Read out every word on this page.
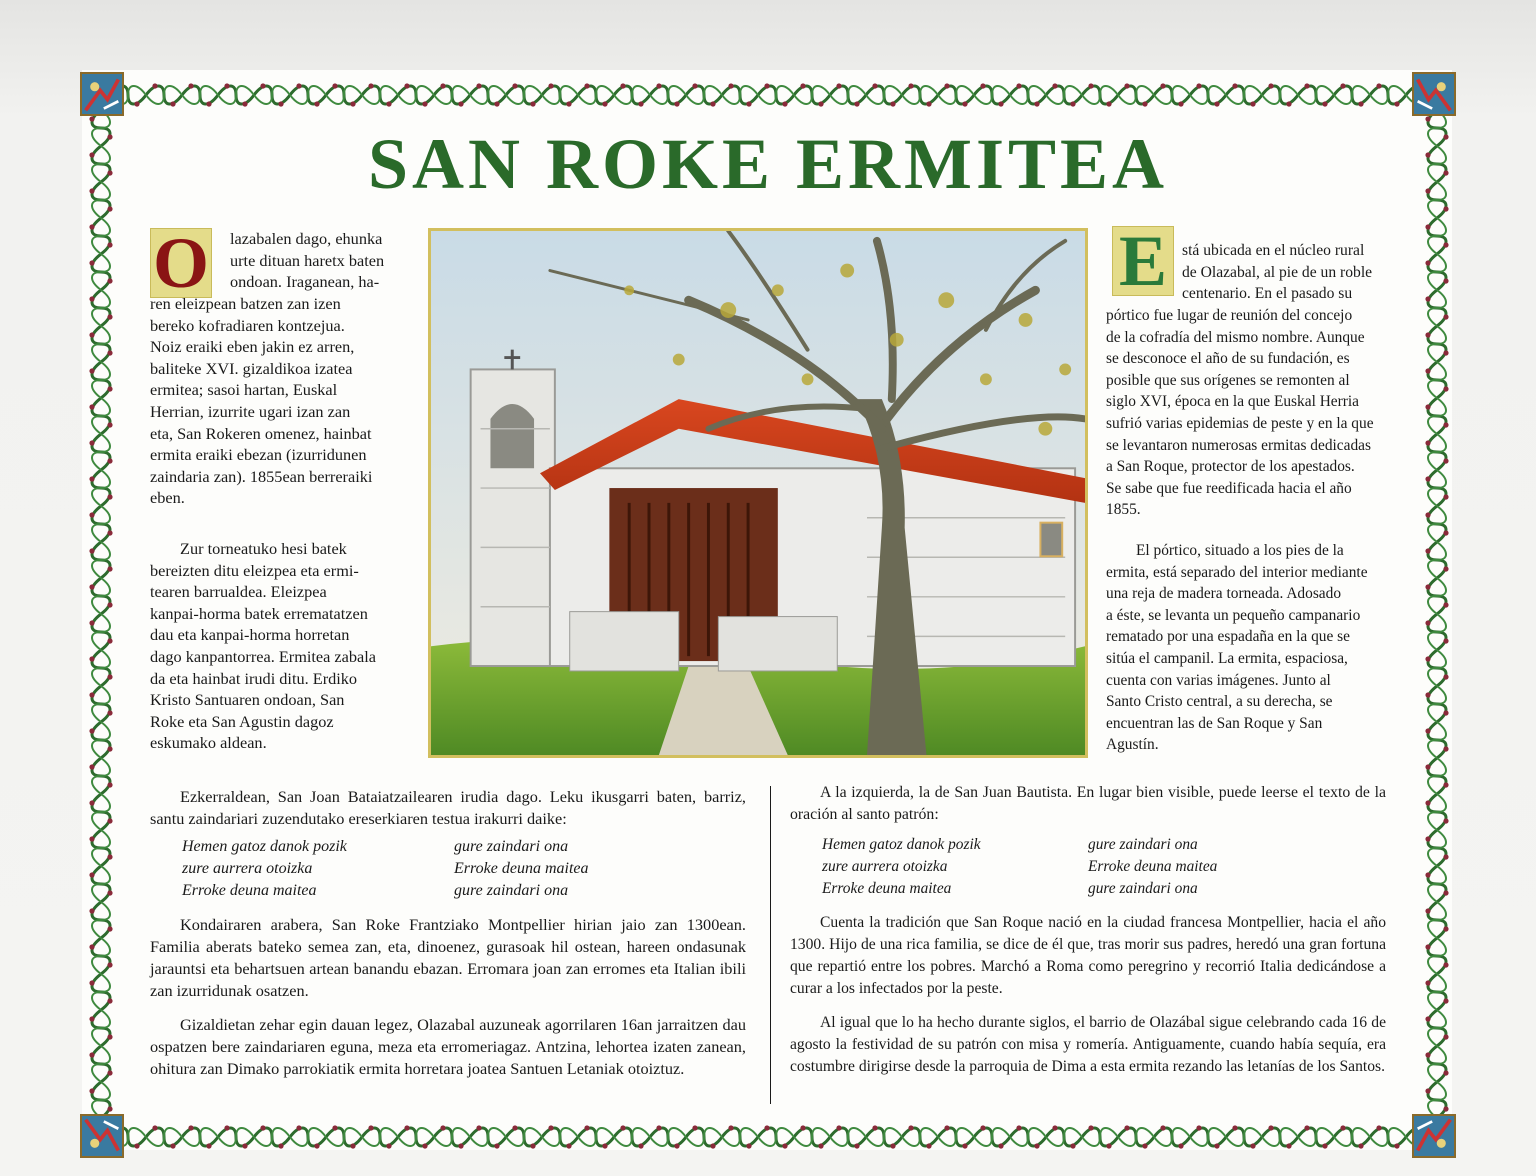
SAN ROKE ERMITEA
O lazabalen dago, ehunka
urte dituan haretx baten
ondoan. Iraganean, ha-
ren eleizpean batzen zan izen
bereko kofradiaren kontzejua.
Noiz eraiki eben jakin ez arren,
baliteke XVI. gizaldikoa izatea
ermitea; sasoi hartan, Euskal
Herrian, izurrite ugari izan zan
eta, San Rokeren omenez, hainbat
ermita eraiki ebezan (izurridunen
zaindaria zan). 1855ean berreraiki
eben.
Zur torneatuko hesi batek
bereizten ditu eleizpea eta ermi-
tearen barrualdea. Eleizpea
kanpai-horma batek errematatzen
dau eta kanpai-horma horretan
dago kanpantorrea. Ermitea zabala
da eta hainbat irudi ditu. Erdiko
Kristo Santuaren ondoan, San
Roke eta San Agustin dagoz
eskumako aldean.
E stá ubicada en el núcleo rural
de Olazabal, al pie de un roble
centenario. En el pasado su
pórtico fue lugar de reunión del concejo
de la cofradía del mismo nombre. Aunque
se desconoce el año de su fundación, es
posible que sus orígenes se remonten al
siglo XVI, época en la que Euskal Herria
sufrió varias epidemias de peste y en la que
se levantaron numerosas ermitas dedicadas
a San Roque, protector de los apestados.
Se sabe que fue reedificada hacia el año
1855.
El pórtico, situado a los pies de la
ermita, está separado del interior mediante
una reja de madera torneada. Adosado
a éste, se levanta un pequeño campanario
rematado por una espadaña en la que se
sitúa el campanil. La ermita, espaciosa,
cuenta con varias imágenes. Junto al
Santo Cristo central, a su derecha, se
encuentran las de San Roque y San
Agustín.

Ezkerraldean, San Joan Bataiatzailearen irudia dago. Leku ikusgarri baten, barriz, santu zaindariari zuzendutako ereserkiaren testua irakurri daike:

Hemen gatoz danok pozik
zure aurrera otoizka
Erroke deuna maitea
gure zaindari ona
Erroke deuna maitea
gure zaindari ona

Kondairaren arabera, San Roke Frantziako Montpellier hirian jaio zan 1300ean. Familia aberats bateko semea zan, eta, dinoenez, gurasoak hil ostean, hareen ondasunak jarauntsi eta behartsuen artean banandu ebazan. Erromara joan zan erromes eta Italian ibili zan izurridunak osatzen.

Gizaldietan zehar egin dauan legez, Olazabal auzuneak agorrilaren 16an jarraitzen dau ospatzen bere zaindariaren eguna, meza eta erromeriagaz. Antzina, lehortea izaten zanean, ohitura zan Dimako parrokiatik ermita horretara joatea Santuen Letaniak otoiztuz.

A la izquierda, la de San Juan Bautista. En lugar bien visible, puede leerse el texto de la oración al santo patrón:

Hemen gatoz danok pozik
zure aurrera otoizka
Erroke deuna maitea
gure zaindari ona
Erroke deuna maitea
gure zaindari ona

Cuenta la tradición que San Roque nació en la ciudad francesa Montpellier, hacia el año 1300. Hijo de una rica familia, se dice de él que, tras morir sus padres, heredó una gran fortuna que repartió entre los pobres. Marchó a Roma como peregrino y recorrió Italia dedicándose a curar a los infectados por la peste.

Al igual que lo ha hecho durante siglos, el barrio de Olazábal sigue celebrando cada 16 de agosto la festividad de su patrón con misa y romería. Antiguamente, cuando había sequía, era costumbre dirigirse desde la parroquia de Dima a esta ermita rezando las letanías de los Santos.
